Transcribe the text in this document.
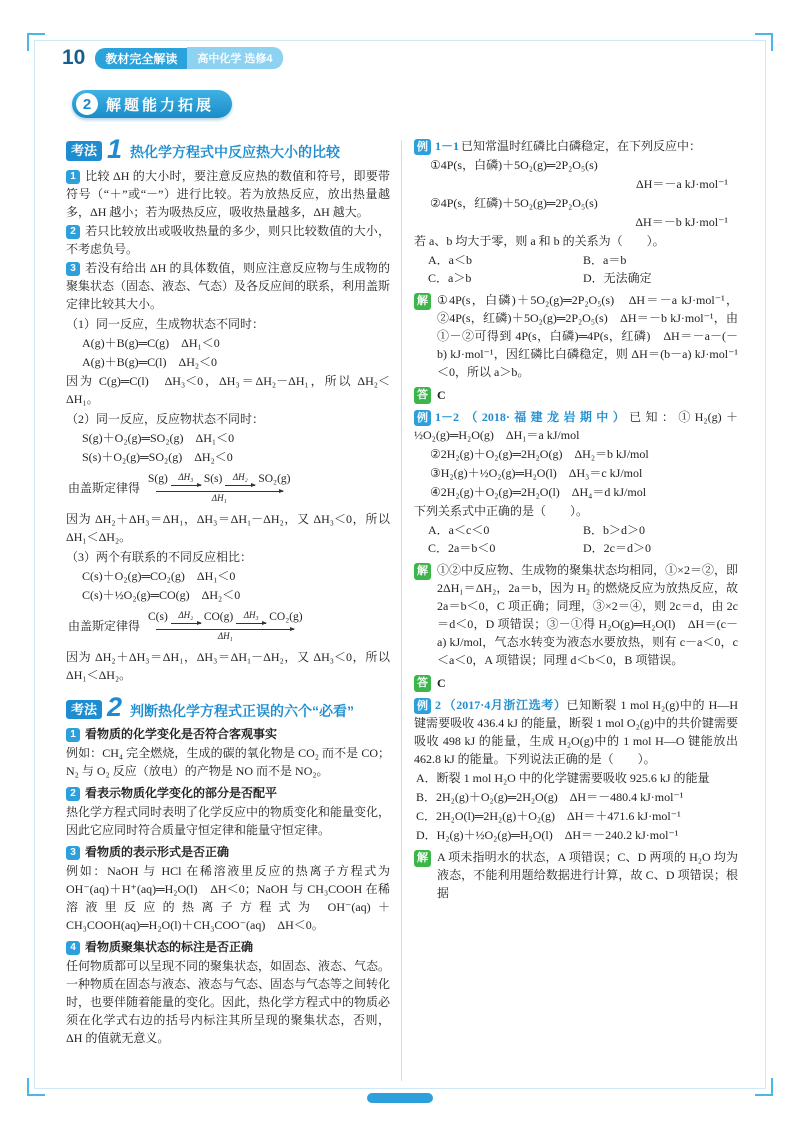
10	教材完全解读	高中化学 选修4
2 解题能力拓展
考法 1 热化学方程式中反应热大小的比较

1 比较 ΔH 的大小时，要注意反应热的数值和符号，即要带符号（“＋”或“－”）进行比较。若为放热反应，放出热量越多，ΔH 越小；若为吸热反应，吸收热量越多，ΔH 越大。

2 若只比较放出或吸收热量的多少，则只比较数值的大小，不考虑负号。

3 若没有给出 ΔH 的具体数值，则应注意反应物与生成物的聚集状态（固态、液态、气态）及各反应间的联系，利用盖斯定律比较其大小。

（1）同一反应，生成物状态不同时：

A(g)＋B(g)═C(g)　ΔH₁＜0

A(g)＋B(g)═C(l)　ΔH₂＜0

因为 C(g)═C(l)　ΔH₃＜0，ΔH₃＝ΔH₂－ΔH₁，所以 ΔH₂＜ΔH₁。

（2）同一反应，反应物状态不同时：

S(g)＋O₂(g)═SO₂(g)　ΔH₁＜0

S(s)＋O₂(g)═SO₂(g)　ΔH₂＜0

由盖斯定律得
S(g) ΔH₃ S(s) ΔH₂ SO₂(g)
ΔH₁

因为 ΔH₂＋ΔH₃＝ΔH₁，ΔH₃＝ΔH₁－ΔH₂，又 ΔH₃＜0，所以 ΔH₁＜ΔH₂。

（3）两个有联系的不同反应相比：

C(s)＋O₂(g)═CO₂(g)　ΔH₁＜0

C(s)＋½O₂(g)═CO(g)　ΔH₂＜0

由盖斯定律得
C(s) ΔH₂ CO(g) ΔH₃ CO₂(g)
ΔH₁

因为 ΔH₂＋ΔH₃＝ΔH₁，ΔH₃＝ΔH₁－ΔH₂，又 ΔH₃＜0，所以 ΔH₁＜ΔH₂。

考法 2 判断热化学方程式正误的六个“必看”

1 看物质的化学变化是否符合客观事实

例如：CH₄ 完全燃烧，生成的碳的氧化物是 CO₂ 而不是 CO；N₂ 与 O₂ 反应（放电）的产物是 NO 而不是 NO₂。

2 看表示物质化学变化的部分是否配平

热化学方程式同时表明了化学反应中的物质变化和能量变化，因此它应同时符合质量守恒定律和能量守恒定律。

3 看物质的表示形式是否正确

例如：NaOH 与 HCl 在稀溶液里反应的热离子方程式为 OH⁻(aq)＋H⁺(aq)═H₂O(l)　ΔH＜0；NaOH 与 CH₃COOH 在稀溶液里反应的热离子方程式为 OH⁻(aq)＋CH₃COOH(aq)═H₂O(l)＋CH₃COO⁻(aq)　ΔH＜0。

4 看物质聚集状态的标注是否正确

任何物质都可以呈现不同的聚集状态，如固态、液态、气态。一种物质在固态与液态、液态与气态、固态与气态等之间转化时，也要伴随着能量的变化。因此，热化学方程式中的物质必须在化学式右边的括号内标注其所呈现的聚集状态，否则，ΔH 的值就无意义。

例 1－1 已知常温时红磷比白磷稳定，在下列反应中：

①4P(s，白磷)＋5O₂(g)═2P₂O₅(s)

ΔH＝－a kJ·mol⁻¹

②4P(s，红磷)＋5O₂(g)═2P₂O₅(s)

ΔH＝－b kJ·mol⁻¹

若 a、b 均大于零，则 a 和 b 的关系为（　　）。

A．a＜b	B．a＝b
C．a＞b	D．无法确定
解 ①4P(s，白磷)＋5O₂(g)═2P₂O₅(s)　ΔH＝－a kJ·mol⁻¹，②4P(s，红磷)＋5O₂(g)═2P₂O₅(s)　ΔH＝－b kJ·mol⁻¹，由①－②可得到 4P(s，白磷)═4P(s，红磷)　ΔH＝－a－(－b) kJ·mol⁻¹，因红磷比白磷稳定，则 ΔH＝(b－a) kJ·mol⁻¹＜0，所以 a＞b。

答 C

例 1－2 （2018·福建龙岩期中）已知：①H₂(g)＋½O₂(g)═H₂O(g)　ΔH₁＝a kJ/mol

②2H₂(g)＋O₂(g)═2H₂O(g)　ΔH₂＝b kJ/mol

③H₂(g)＋½O₂(g)═H₂O(l)　ΔH₃＝c kJ/mol

④2H₂(g)＋O₂(g)═2H₂O(l)　ΔH₄＝d kJ/mol

下列关系式中正确的是（　　）。

A．a＜c＜0	B．b＞d＞0
C．2a＝b＜0	D．2c＝d＞0
解 ①②中反应物、生成物的聚集状态均相同，①×2＝②，即 2ΔH₁＝ΔH₂，2a＝b，因为 H₂ 的燃烧反应为放热反应，故 2a＝b＜0，C 项正确；同理，③×2＝④，则 2c＝d，由 2c＝d＜0，D 项错误；③－①得 H₂O(g)═H₂O(l)　ΔH＝(c－a) kJ/mol，气态水转变为液态水要放热，则有 c－a＜0，c＜a＜0，A 项错误；同理 d＜b＜0，B 项错误。

答 C

例 2 （2017·4月浙江选考）已知断裂 1 mol H₂(g)中的 H—H 键需要吸收 436.4 kJ 的能量，断裂 1 mol O₂(g)中的共价键需要吸收 498 kJ 的能量，生成 H₂O(g)中的 1 mol H—O 键能放出 462.8 kJ 的能量。下列说法正确的是（　　）。

A．断裂 1 mol H₂O 中的化学键需要吸收 925.6 kJ 的能量

B．2H₂(g)＋O₂(g)═2H₂O(g)　ΔH＝－480.4 kJ·mol⁻¹

C．2H₂O(l)═2H₂(g)＋O₂(g)　ΔH＝＋471.6 kJ·mol⁻¹

D．H₂(g)＋½O₂(g)═H₂O(l)　ΔH＝－240.2 kJ·mol⁻¹

解 A 项未指明水的状态，A 项错误；C、D 两项的 H₂O 均为液态，不能利用题给数据进行计算，故 C、D 项错误；根据
